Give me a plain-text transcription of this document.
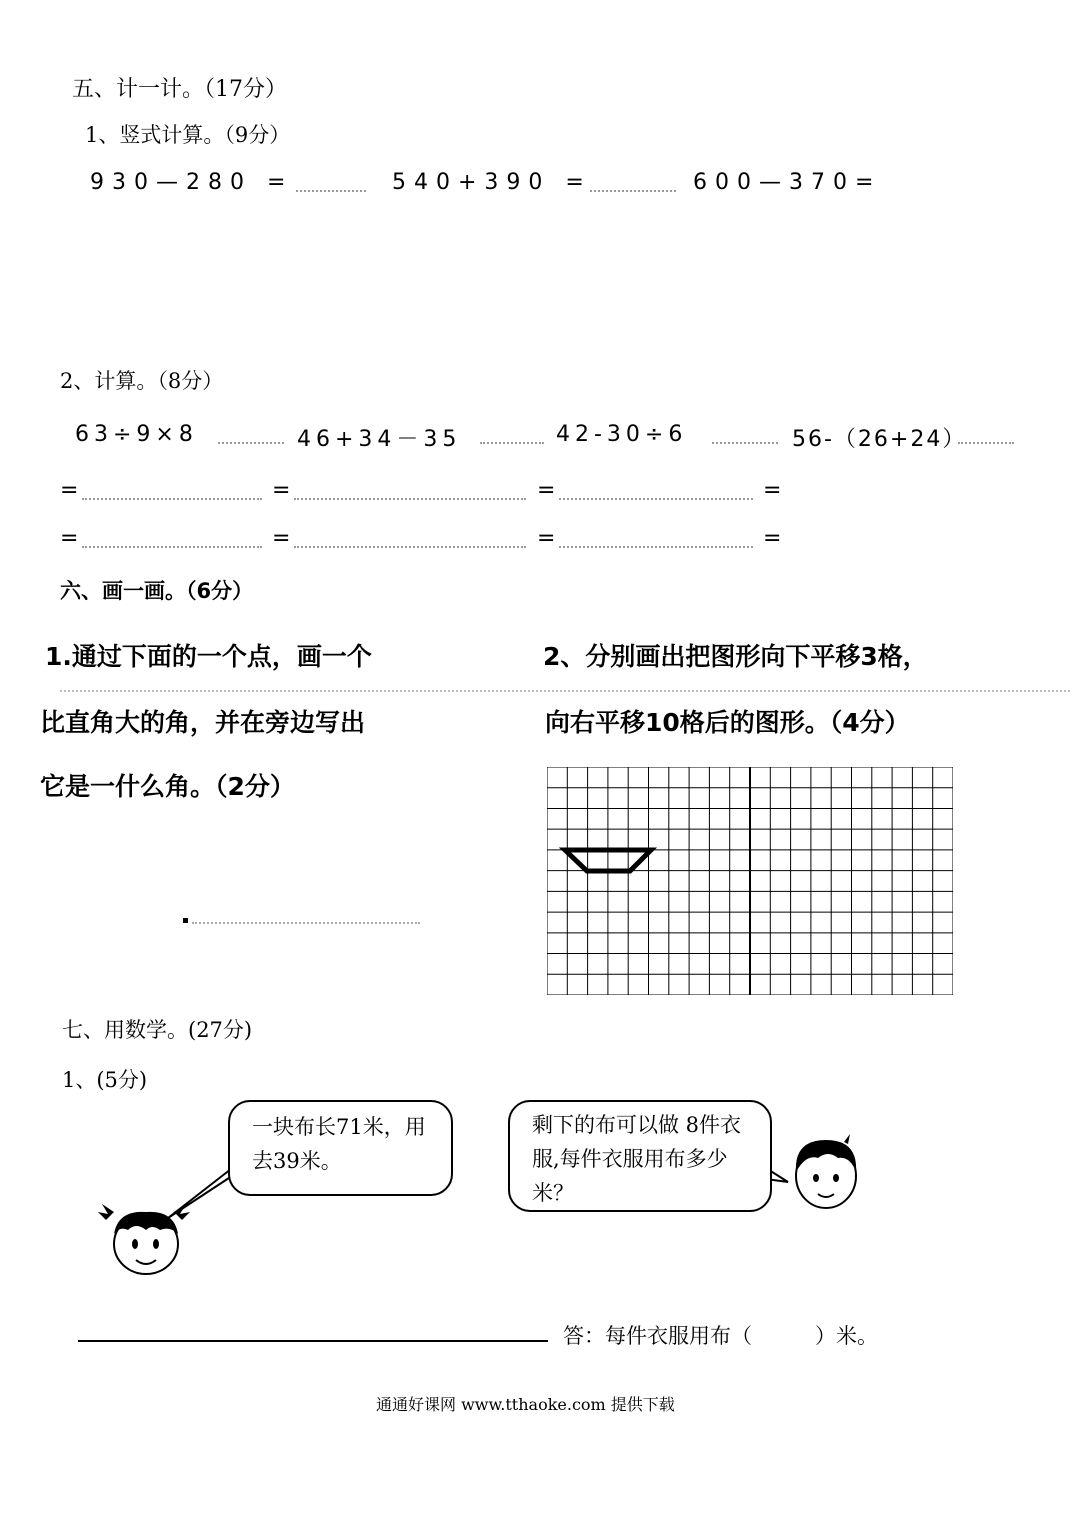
五、计一计。（17分）
1、竖式计算。（9分）
930—280 =	540+390 =	600—370=
2、计算。（8分）
63÷9×8	46+34－35	42-30÷6	56-（26+24）
=	=	=	=
=	=	=	=
六、画一画。（6分）
1.通过下面的一个点，画一个
比直角大的角，并在旁边写出
它是一什么角。（2分）
2、分别画出把图形向下平移3格，
向右平移10格后的图形。（4分）
七、用数学。(27分)
1、(5分)
一块布长71米，用去39米。
剩下的布可以做 8件衣服,每件衣服用布多少米？
答：每件衣服用布（　　　）米。
通通好课网 www.tthaoke.com 提供下载
